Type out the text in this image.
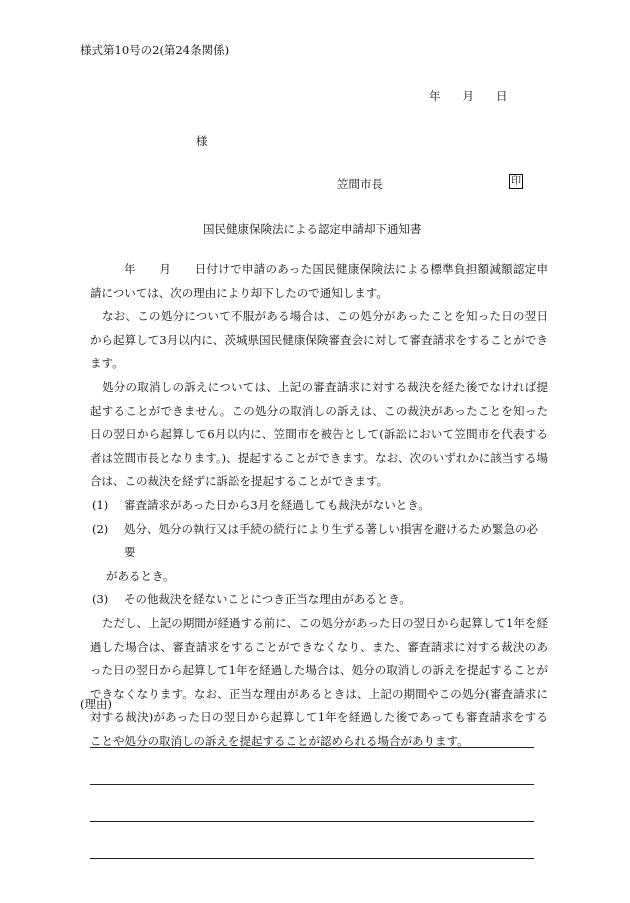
様式第10号の2(第24条関係)
年 月 日
様
笠間市長	印
国民健康保険法による認定申請却下通知書

年　　月　　日付けで申請のあった国民健康保険法による標準負担額減額認定申請については、次の理由により却下したので通知します。

なお、この処分について不服がある場合は、この処分があったことを知った日の翌日から起算して3月以内に、茨城県国民健康保険審査会に対して審査請求をすることができます。

処分の取消しの訴えについては、上記の審査請求に対する裁決を経た後でなければ提起することができません。この処分の取消しの訴えは、この裁決があったことを知った日の翌日から起算して6月以内に、笠間市を被告として(訴訟において笠間市を代表する者は笠間市長となります。)、提起することができます。なお、次のいずれかに該当する場合は、この裁決を経ずに訴訟を提起することができます。

(1)	審査請求があった日から3月を経過しても裁決がないとき。
(2)	処分、処分の執行又は手続の続行により生ずる著しい損害を避けるため緊急の必要
があるとき。
(3)	その他裁決を経ないことにつき正当な理由があるとき。

ただし、上記の期間が経過する前に、この処分があった日の翌日から起算して1年を経過した場合は、審査請求をすることができなくなり、また、審査請求に対する裁決のあった日の翌日から起算して1年を経過した場合は、処分の取消しの訴えを提起することができなくなります。なお、正当な理由があるときは、上記の期間やこの処分(審査請求に対する裁決)があった日の翌日から起算して1年を経過した後であっても審査請求をすることや処分の取消しの訴えを提起することが認められる場合があります。

(理由)
